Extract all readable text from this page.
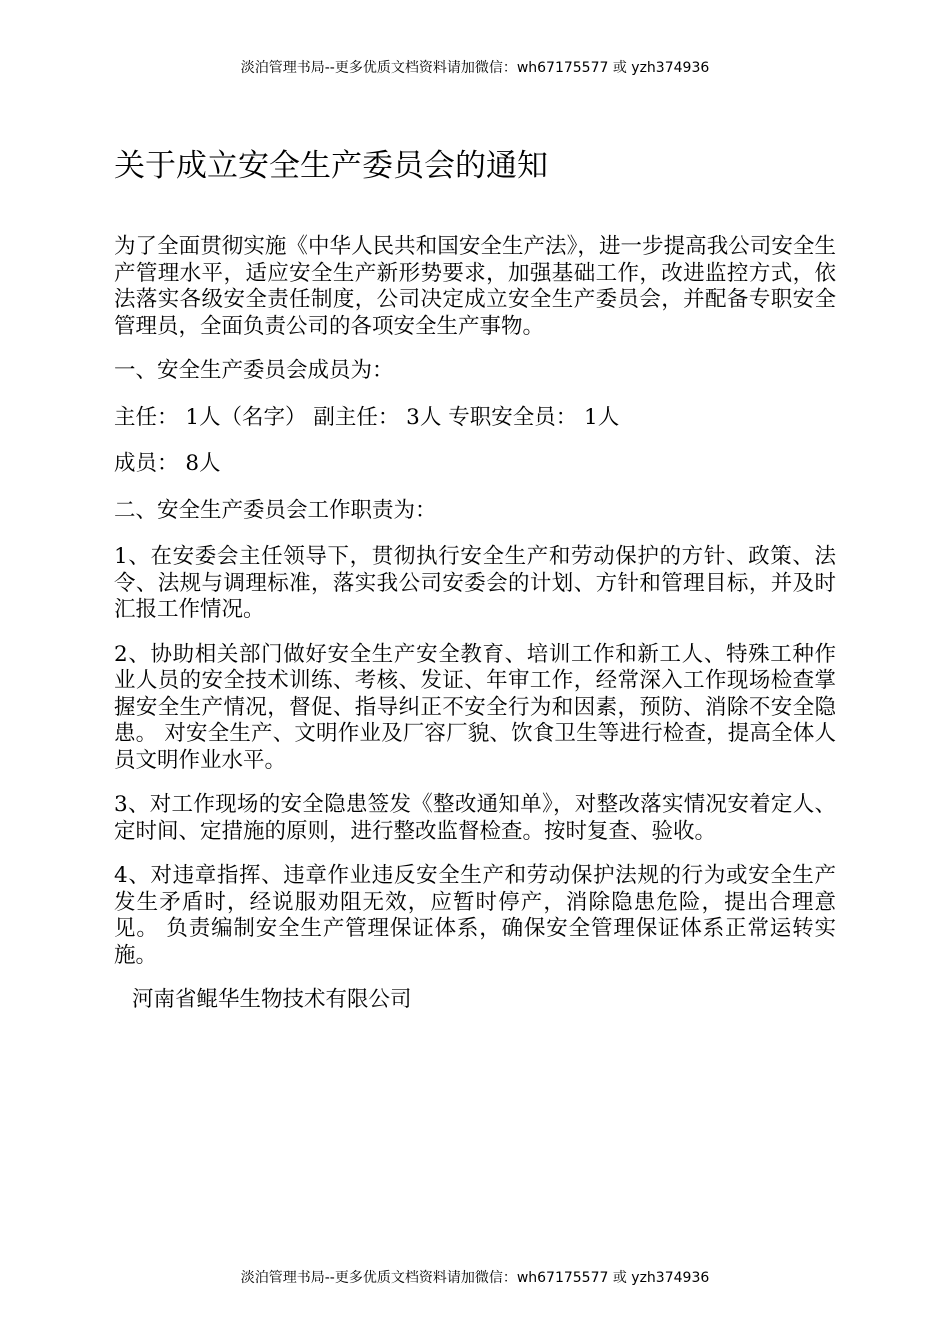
淡泊管理书局--更多优质文档资料请加微信：wh67175577 或 yzh374936
关于成立安全生产委员会的通知

为了全面贯彻实施《中华人民共和国安全生产法》，进一步提高我公司安全生产管理水平，适应安全生产新形势要求，加强基础工作，改进监控方式，依法落实各级安全责任制度，公司决定成立安全生产委员会，并配备专职安全管理员，全面负责公司的各项安全生产事物。

一、安全生产委员会成员为：

主任： 1人（名字） 副主任： 3人 专职安全员： 1人

成员： 8人

二、安全生产委员会工作职责为：

1、在安委会主任领导下，贯彻执行安全生产和劳动保护的方针、政策、法令、法规与调理标准，落实我公司安委会的计划、方针和管理目标，并及时汇报工作情况。

2、协助相关部门做好安全生产安全教育、培训工作和新工人、特殊工种作业人员的安全技术训练、考核、发证、年审工作，经常深入工作现场检查掌握安全生产情况，督促、指导纠正不安全行为和因素，预防、消除不安全隐患。 对安全生产、文明作业及厂容厂貌、饮食卫生等进行检查，提高全体人员文明作业水平。

3、对工作现场的安全隐患签发《整改通知单》，对整改落实情况安着定人、定时间、定措施的原则，进行整改监督检查。按时复查、验收。

4、对违章指挥、违章作业违反安全生产和劳动保护法规的行为或安全生产发生矛盾时，经说服劝阻无效，应暂时停产，消除隐患危险，提出合理意见。 负责编制安全生产管理保证体系，确保安全管理保证体系正常运转实施。

河南省鲲华生物技术有限公司

淡泊管理书局--更多优质文档资料请加微信：wh67175577 或 yzh374936
